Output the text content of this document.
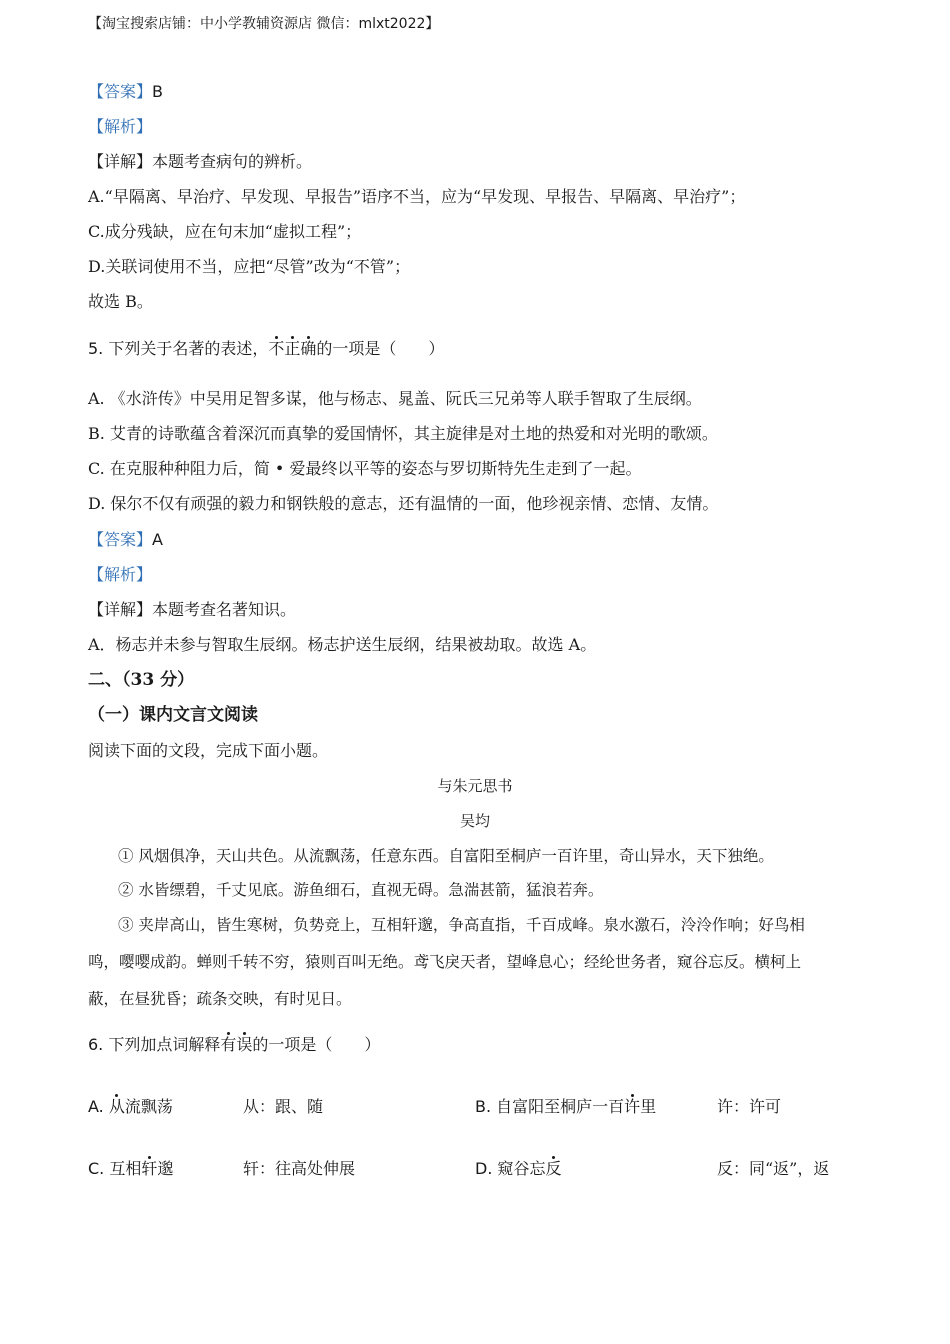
【淘宝搜索店铺：中小学教辅资源店 微信：mlxt2022】
【答案】B
【解析】
【详解】本题考查病句的辨析。
A.“早隔离、早治疗、早发现、早报告”语序不当，应为“早发现、早报告、早隔离、早治疗”；
C.成分残缺，应在句末加“虚拟工程”；
D.关联词使用不当，应把“尽管”改为“不管”；
故选 B。
5. 下列关于名著的表述，不正确的一项是（　　）
A. 《水浒传》中吴用足智多谋，他与杨志、晁盖、阮氏三兄弟等人联手智取了生辰纲。
B. 艾青的诗歌蕴含着深沉而真挚的爱国情怀，其主旋律是对土地的热爱和对光明的歌颂。
C. 在克服种种阻力后，简 • 爱最终以平等的姿态与罗切斯特先生走到了一起。
D. 保尔不仅有顽强的毅力和钢铁般的意志，还有温情的一面，他珍视亲情、恋情、友情。
【答案】A
【解析】
【详解】本题考查名著知识。
A．杨志并未参与智取生辰纲。杨志护送生辰纲，结果被劫取。故选 A。
二、（33 分）
（一）课内文言文阅读
阅读下面的文段，完成下面小题。
与朱元思书
吴均
① 风烟俱净，天山共色。从流飘荡，任意东西。自富阳至桐庐一百许里，奇山异水，天下独绝。
② 水皆缥碧，千丈见底。游鱼细石，直视无碍。急湍甚箭，猛浪若奔。
③ 夹岸高山，皆生寒树，负势竞上，互相轩邈，争高直指，千百成峰。泉水激石，泠泠作响；好鸟相
鸣，嘤嘤成韵。蝉则千转不穷，猿则百叫无绝。鸢飞戾天者，望峰息心；经纶世务者，窥谷忘反。横柯上
蔽，在昼犹昏；疏条交映，有时见日。
6. 下列加点词解释有误的一项是（　　）
A. 从流飘荡	从：跟、随	B. 自富阳至桐庐一百许里	许：许可
C. 互相轩邈	轩：往高处伸展	D. 窥谷忘反	反：同“返”，返
